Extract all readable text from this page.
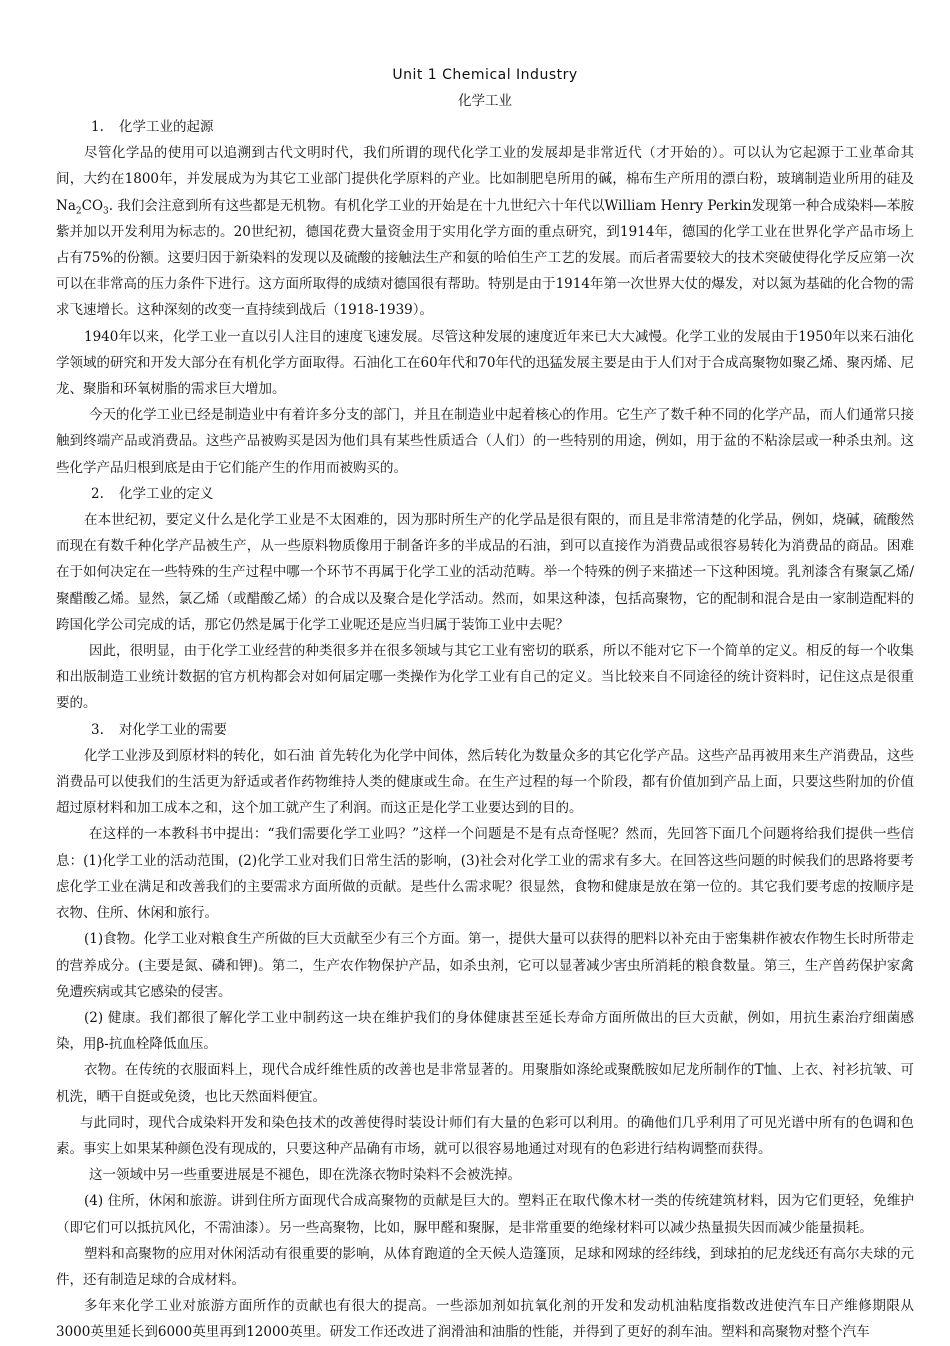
Unit 1 Chemical Industry
化学工业
1. 化学工业的起源

尽管化学品的使用可以追溯到古代文明时代，我们所谓的现代化学工业的发展却是非常近代（才开始的）。可以认为它起源于工业革命其间，大约在1800年，并发展成为为其它工业部门提供化学原料的产业。比如制肥皂所用的碱，棉布生产所用的漂白粉，玻璃制造业所用的硅及$Na_2CO_3$. 我们会注意到所有这些都是无机物。有机化学工业的开始是在十九世纪六十年代以William Henry Perkin发现第一种合成染料—苯胺紫并加以开发利用为标志的。20世纪初，德国花费大量资金用于实用化学方面的重点研究，到1914年，德国的化学工业在世界化学产品市场上占有75%的份额。这要归因于新染料的发现以及硫酸的接触法生产和氨的哈伯生产工艺的发展。而后者需要较大的技术突破使得化学反应第一次可以在非常高的压力条件下进行。这方面所取得的成绩对德国很有帮助。特别是由于1914年第一次世界大仗的爆发，对以氮为基础的化合物的需求飞速增长。这种深刻的改变一直持续到战后（1918-1939）。

1940年以来，化学工业一直以引人注目的速度飞速发展。尽管这种发展的速度近年来已大大减慢。化学工业的发展由于1950年以来石油化学领域的研究和开发大部分在有机化学方面取得。石油化工在60年代和70年代的迅猛发展主要是由于人们对于合成高聚物如聚乙烯、聚丙烯、尼龙、聚脂和环氧树脂的需求巨大增加。

今天的化学工业已经是制造业中有着许多分支的部门，并且在制造业中起着核心的作用。它生产了数千种不同的化学产品，而人们通常只接触到终端产品或消费品。这些产品被购买是因为他们具有某些性质适合（人们）的一些特别的用途，例如，用于盆的不粘涂层或一种杀虫剂。这些化学产品归根到底是由于它们能产生的作用而被购买的。

2. 化学工业的定义

在本世纪初，要定义什么是化学工业是不太困难的，因为那时所生产的化学品是很有限的，而且是非常清楚的化学品，例如，烧碱，硫酸然而现在有数千种化学产品被生产，从一些原料物质像用于制备许多的半成品的石油，到可以直接作为消费品或很容易转化为消费品的商品。困难在于如何决定在一些特殊的生产过程中哪一个环节不再属于化学工业的活动范畴。举一个特殊的例子来描述一下这种困境。乳剂漆含有聚氯乙烯/聚醋酸乙烯。显然，氯乙烯（或醋酸乙烯）的合成以及聚合是化学活动。然而，如果这种漆，包括高聚物，它的配制和混合是由一家制造配料的跨国化学公司完成的话，那它仍然是属于化学工业呢还是应当归属于装饰工业中去呢？

因此，很明显，由于化学工业经营的种类很多并在很多领域与其它工业有密切的联系，所以不能对它下一个简单的定义。相反的每一个收集和出版制造工业统计数据的官方机构都会对如何届定哪一类操作为化学工业有自己的定义。当比较来自不同途径的统计资料时，记住这点是很重要的。

3. 对化学工业的需要

化学工业涉及到原材料的转化，如石油 首先转化为化学中间体，然后转化为数量众多的其它化学产品。这些产品再被用来生产消费品，这些消费品可以使我们的生活更为舒适或者作药物维持人类的健康或生命。在生产过程的每一个阶段，都有价值加到产品上面，只要这些附加的价值超过原材料和加工成本之和，这个加工就产生了利润。而这正是化学工业要达到的目的。

在这样的一本教科书中提出：“我们需要化学工业吗？”这样一个问题是不是有点奇怪呢？然而，先回答下面几个问题将给我们提供一些信息：(1)化学工业的活动范围，(2)化学工业对我们日常生活的影响，(3)社会对化学工业的需求有多大。在回答这些问题的时候我们的思路将要考虑化学工业在满足和改善我们的主要需求方面所做的贡献。是些什么需求呢？很显然，食物和健康是放在第一位的。其它我们要考虑的按顺序是衣物、住所、休闲和旅行。

(1)食物。化学工业对粮食生产所做的巨大贡献至少有三个方面。第一，提供大量可以获得的肥料以补充由于密集耕作被农作物生长时所带走的营养成分。(主要是氮、磷和钾)。第二，生产农作物保护产品，如杀虫剂，它可以显著减少害虫所消耗的粮食数量。第三，生产兽药保护家禽免遭疾病或其它感染的侵害。

(2) 健康。我们都很了解化学工业中制药这一块在维护我们的身体健康甚至延长寿命方面所做出的巨大贡献，例如，用抗生素治疗细菌感染，用β-抗血栓降低血压。

衣物。在传统的衣服面料上，现代合成纤维性质的改善也是非常显著的。用聚脂如涤纶或聚酰胺如尼龙所制作的T恤、上衣、衬衫抗皱、可机洗，晒干自挺或免烫，也比天然面料便宜。

与此同时，现代合成染料开发和染色技术的改善使得时装设计师们有大量的色彩可以利用。的确他们几乎利用了可见光谱中所有的色调和色素。事实上如果某种颜色没有现成的，只要这种产品确有市场，就可以很容易地通过对现有的色彩进行结构调整而获得。

这一领域中另一些重要进展是不褪色，即在洗涤衣物时染料不会被洗掉。

(4) 住所，休闲和旅游。讲到住所方面现代合成高聚物的贡献是巨大的。塑料正在取代像木材一类的传统建筑材料，因为它们更轻，免维护（即它们可以抵抗风化，不需油漆）。另一些高聚物，比如，脲甲醛和聚脲，是非常重要的绝缘材料可以减少热量损失因而减少能量损耗。

塑料和高聚物的应用对休闲活动有很重要的影响，从体育跑道的全天候人造篷顶，足球和网球的经纬线，到球拍的尼龙线还有高尔夫球的元件，还有制造足球的合成材料。

多年来化学工业对旅游方面所作的贡献也有很大的提高。一些添加剂如抗氧化剂的开发和发动机油粘度指数改进使汽车日产维修期限从3000英里延长到6000英里再到12000英里。研发工作还改进了润滑油和油脂的性能，并得到了更好的刹车油。塑料和高聚物对整个汽车
